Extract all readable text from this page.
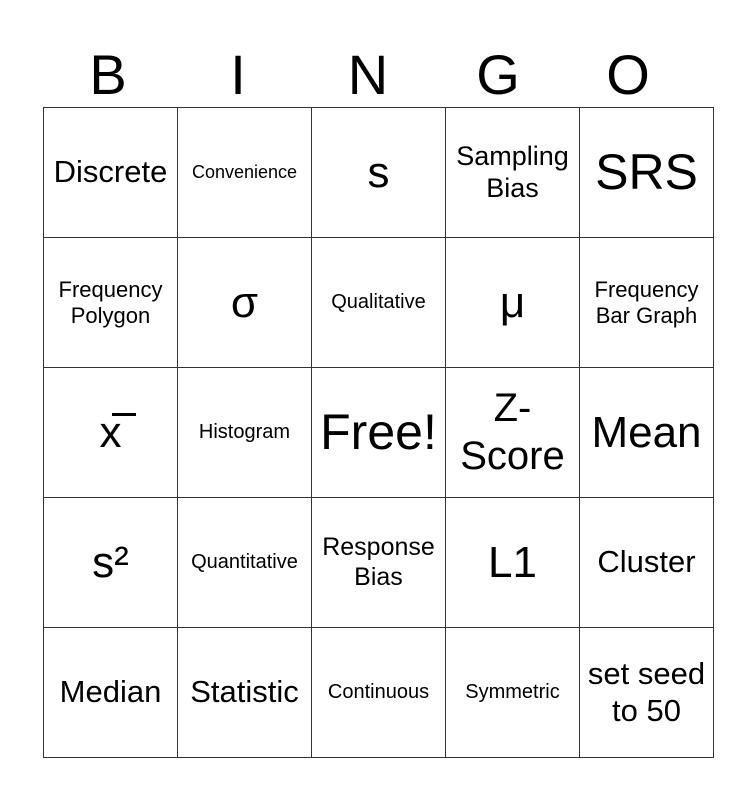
B	I	N	G	O
Discrete	Convenience	s	Sampling Bias	SRS
Frequency Polygon	σ	Qualitative	μ	Frequency Bar Graph
x	Histogram	Free!	Z-Score	Mean
s²	Quantitative	Response Bias	L1	Cluster
Median	Statistic	Continuous	Symmetric	set seed to 50
